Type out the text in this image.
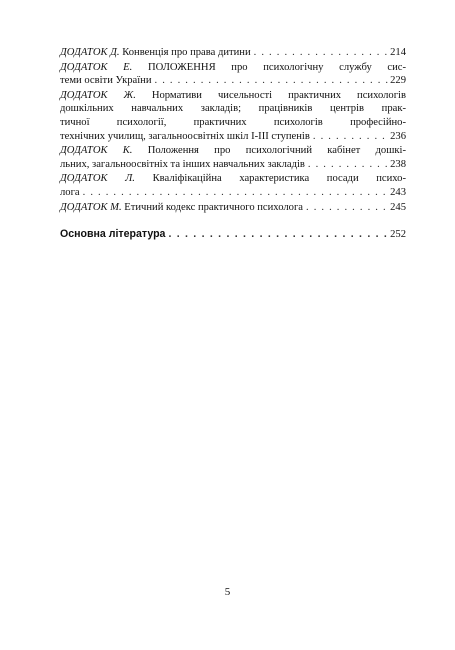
ДОДАТОК Д. Конвенція про права дитини . . .	214
ДОДАТОК Е. ПОЛОЖЕННЯ про психологічну службу сис-
теми освіти України . . .	229
ДОДАТОК Ж. Нормативи чисельності практичних психологів
дошкільних навчальних закладів; працівників центрів прак-
тичної психології, практичних психологів професійно-
технічних училищ, загальноосвітніх шкіл І-ІІІ ступенів . . .	236
ДОДАТОК К. Положення про психологічний кабінет дошкі-
льних, загальноосвітніх та інших навчальних закладів . . .	238
ДОДАТОК Л. Кваліфікаційна характеристика посади психо-
лога . . .	243
ДОДАТОК М. Етичний кодекс практичного психолога . . .	245
Основна література . . .	252
5
